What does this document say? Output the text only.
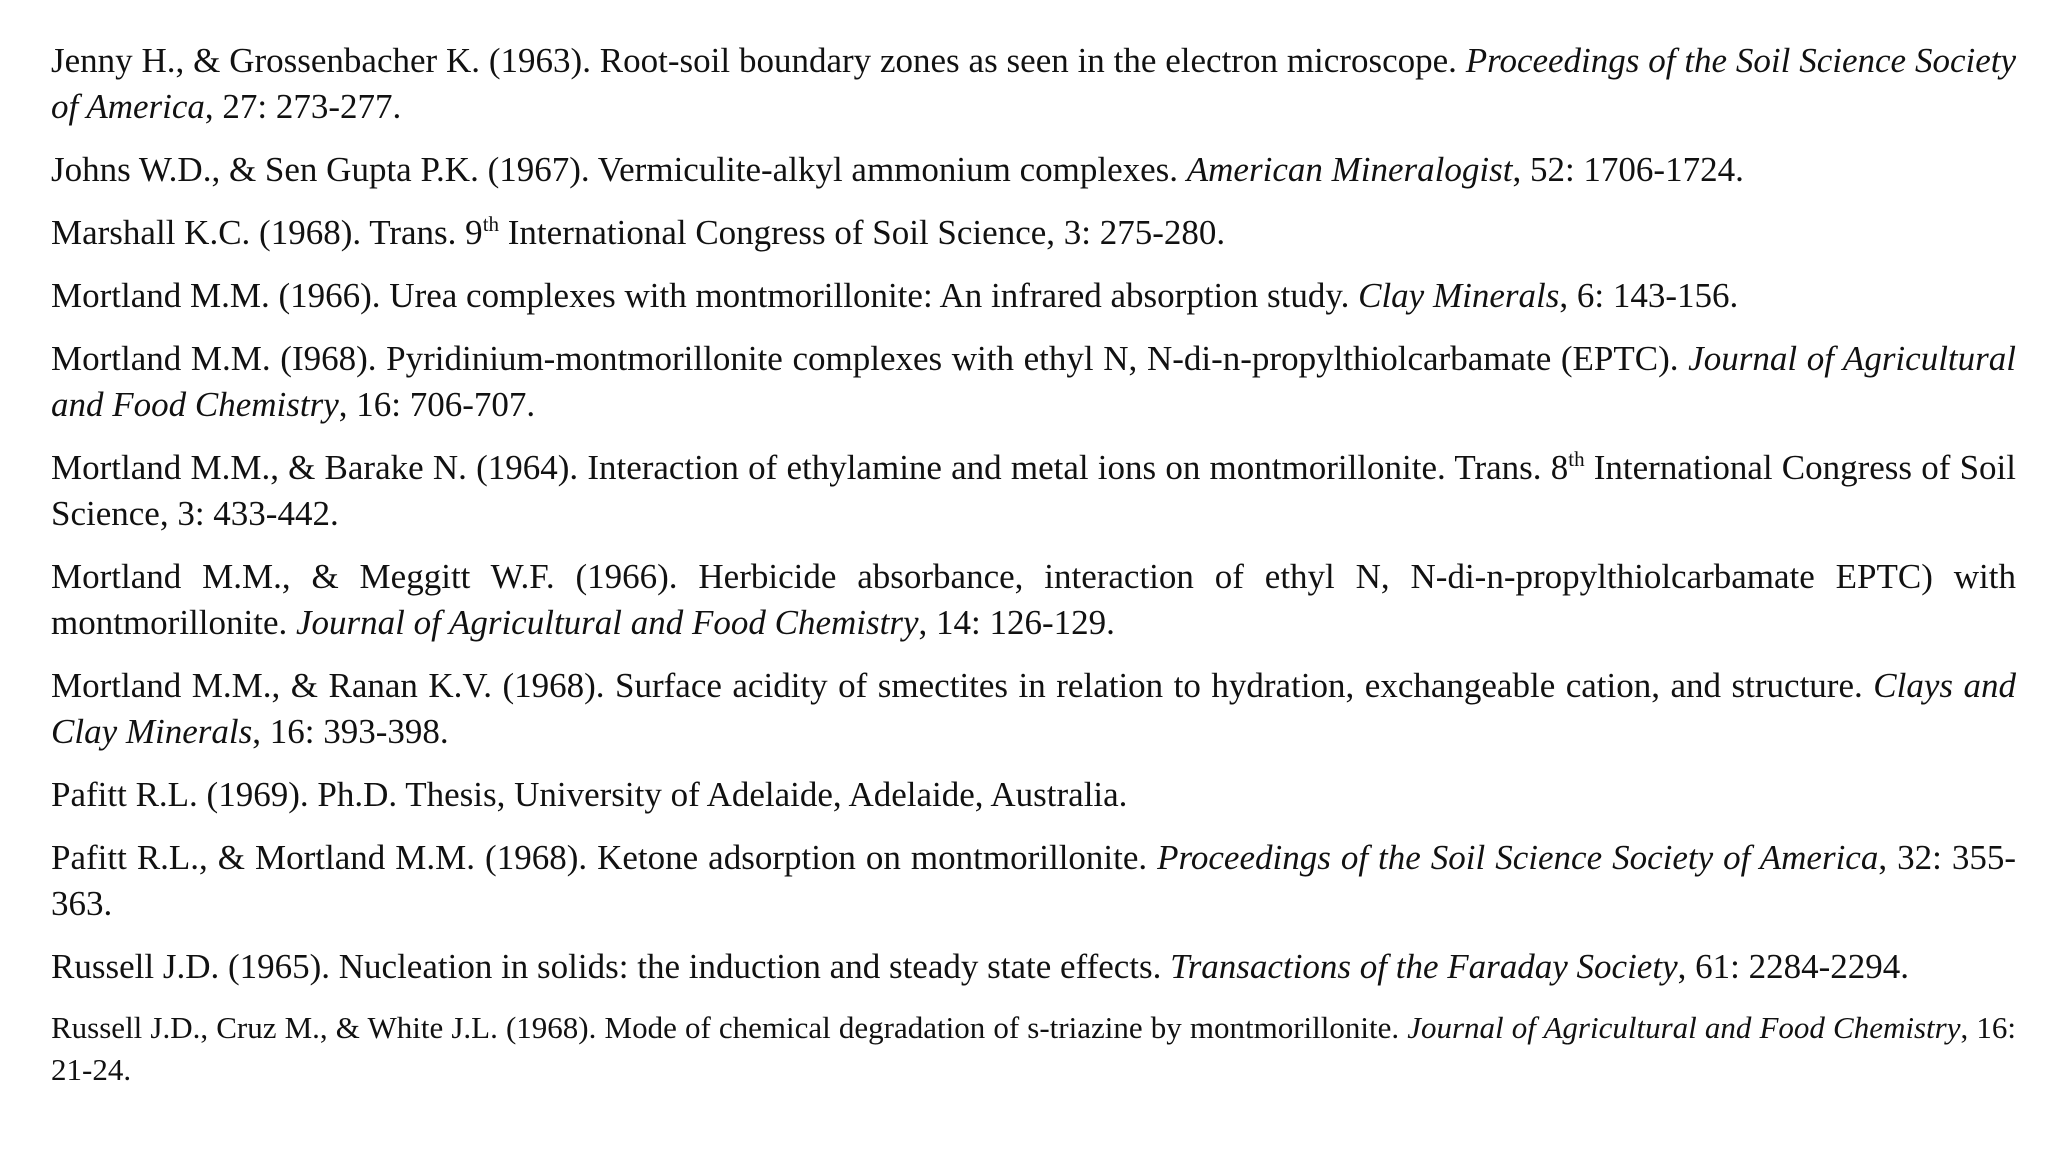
Jenny H., & Grossenbacher K. (1963). Root-soil boundary zones as seen in the electron microscope. Proceedings of the Soil Science Society of America, 27: 273-277.

Johns W.D., & Sen Gupta P.K. (1967). Vermiculite-alkyl ammonium complexes. American Mineralogist, 52: 1706-1724.

Marshall K.C. (1968). Trans. 9th International Congress of Soil Science, 3: 275-280.

Mortland M.M. (1966). Urea complexes with montmorillonite: An infrared absorption study. Clay Minerals, 6: 143-156.

Mortland M.M. (I968). Pyridinium-montmorillonite complexes with ethyl N, N-di-n-propylthiolcarbamate (EPTC). Journal of Agricultural and Food Chemistry, 16: 706-707.

Mortland M.M., & Barake N. (1964). Interaction of ethylamine and metal ions on montmorillonite. Trans. 8th International Congress of Soil Science, 3: 433-442.

Mortland M.M., & Meggitt W.F. (1966). Herbicide absorbance, interaction of ethyl N, N-di-n-propylthiolcarbamate EPTC) with montmorillonite. Journal of Agricultural and Food Chemistry, 14: 126-129.

Mortland M.M., & Ranan K.V. (1968). Surface acidity of smectites in relation to hydration, exchangeable cation, and structure. Clays and Clay Minerals, 16: 393-398.

Pafitt R.L. (1969). Ph.D. Thesis, University of Adelaide, Adelaide, Australia.

Pafitt R.L., & Mortland M.M. (1968). Ketone adsorption on montmorillonite. Proceedings of the Soil Science Society of America, 32: 355-363.

Russell J.D. (1965). Nucleation in solids: the induction and steady state effects. Transactions of the Faraday Society, 61: 2284-2294.

Russell J.D., Cruz M., & White J.L. (1968). Mode of chemical degradation of s-triazine by montmorillonite. Journal of Agricultural and Food Chemistry, 16: 21-24.
